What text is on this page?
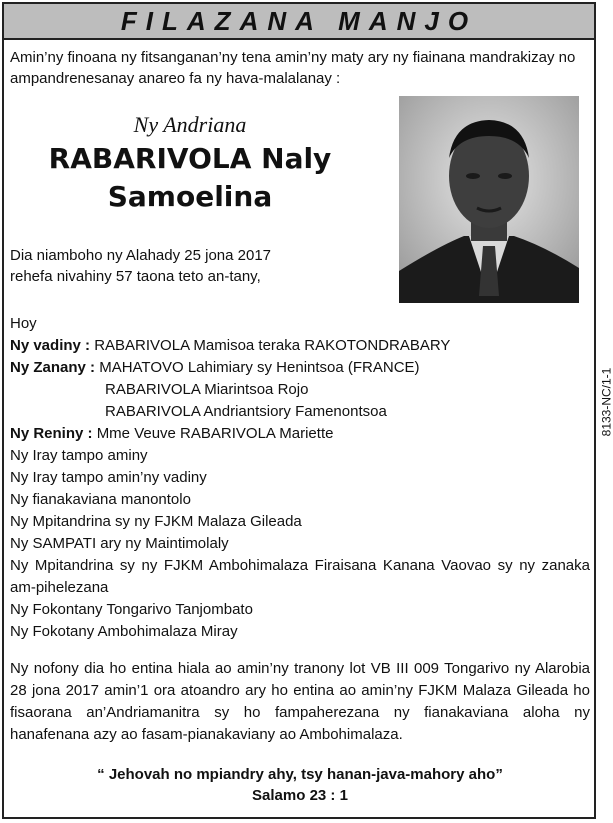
FILAZANA MANJO
Amin’ny finoana ny fitsanganan’ny tena amin’ny maty ary ny fiainana mandrakizay no ampandrenesanay anareo fa ny hava-malalanay :
Ny Andriana
RABARIVOLA Naly
Samoelina
Dia niamboho ny Alahady 25 jona 2017
rehefa nivahiny 57 taona teto an-tany,
Hoy
Ny vadiny : RABARIVOLA Mamisoa teraka RAKOTONDRABARY
Ny Zanany : MAHATOVO Lahimiary sy Henintsoa (FRANCE)
RABARIVOLA Miarintsoa Rojo
RABARIVOLA Andriantsiory Famenontsoa
Ny Reniny : Mme Veuve RABARIVOLA Mariette
Ny Iray tampo aminy
Ny Iray tampo amin’ny vadiny
Ny fianakaviana manontolo
Ny Mpitandrina sy ny FJKM Malaza Gileada
Ny SAMPATI ary ny Maintimolaly
Ny Mpitandrina sy ny FJKM Ambohimalaza Firaisana Kanana Vaovao sy ny zanaka am-pihelezana
Ny Fokontany Tongarivo Tanjombato
Ny Fokotany Ambohimalaza Miray
8133-NC/1-1
Ny nofony dia ho entina hiala ao amin’ny tranony lot VB III 009 Tongarivo ny Alarobia 28 jona 2017 amin’1 ora atoandro ary ho entina ao amin’ny FJKM Malaza Gileada ho fisaorana an’Andriamanitra sy ho fampaherezana ny fianakaviana aloha ny hanafenana azy ao fasam-pianakaviany ao Ambohimalaza.
“ Jehovah no mpiandry ahy, tsy hanan-java-mahory aho”
Salamo 23 : 1
